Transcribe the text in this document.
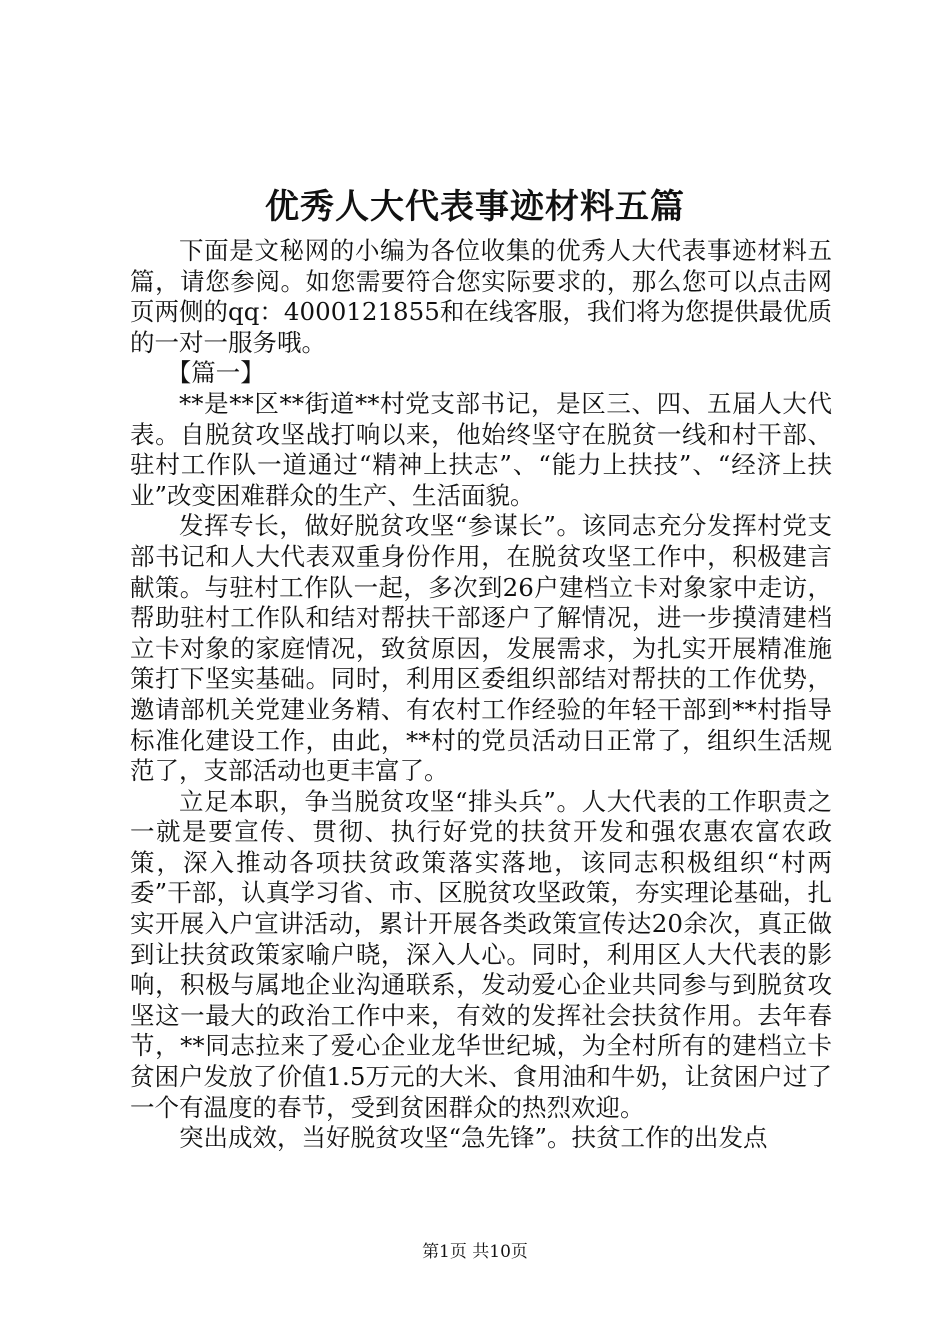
优秀人大代表事迹材料五篇

下面是文秘网的小编为各位收集的优秀人大代表事迹材料五篇，请您参阅。如您需要符合您实际要求的，那么您可以点击网页两侧的qq：4000121855和在线客服，我们将为您提供最优质的一对一服务哦。

【篇一】

**是**区**街道**村党支部书记，是区三、四、五届人大代表。自脱贫攻坚战打响以来，他始终坚守在脱贫一线和村干部、驻村工作队一道通过“精神上扶志”、“能力上扶技”、“经济上扶业”改变困难群众的生产、生活面貌。

发挥专长，做好脱贫攻坚“参谋长”。该同志充分发挥村党支部书记和人大代表双重身份作用，在脱贫攻坚工作中，积极建言献策。与驻村工作队一起，多次到26户建档立卡对象家中走访，帮助驻村工作队和结对帮扶干部逐户了解情况，进一步摸清建档立卡对象的家庭情况，致贫原因，发展需求，为扎实开展精准施策打下坚实基础。同时，利用区委组织部结对帮扶的工作优势，邀请部机关党建业务精、有农村工作经验的年轻干部到**村指导标准化建设工作，由此，**村的党员活动日正常了，组织生活规范了，支部活动也更丰富了。

立足本职，争当脱贫攻坚“排头兵”。人大代表的工作职责之一就是要宣传、贯彻、执行好党的扶贫开发和强农惠农富农政策，深入推动各项扶贫政策落实落地，该同志积极组织“村两委”干部，认真学习省、市、区脱贫攻坚政策，夯实理论基础，扎实开展入户宣讲活动，累计开展各类政策宣传达20余次，真正做到让扶贫政策家喻户晓，深入人心。同时，利用区人大代表的影响，积极与属地企业沟通联系，发动爱心企业共同参与到脱贫攻坚这一最大的政治工作中来，有效的发挥社会扶贫作用。去年春节，**同志拉来了爱心企业龙华世纪城，为全村所有的建档立卡贫困户发放了价值1.5万元的大米、食用油和牛奶，让贫困户过了一个有温度的春节，受到贫困群众的热烈欢迎。

突出成效，当好脱贫攻坚“急先锋”。扶贫工作的出发点

第1页 共10页
